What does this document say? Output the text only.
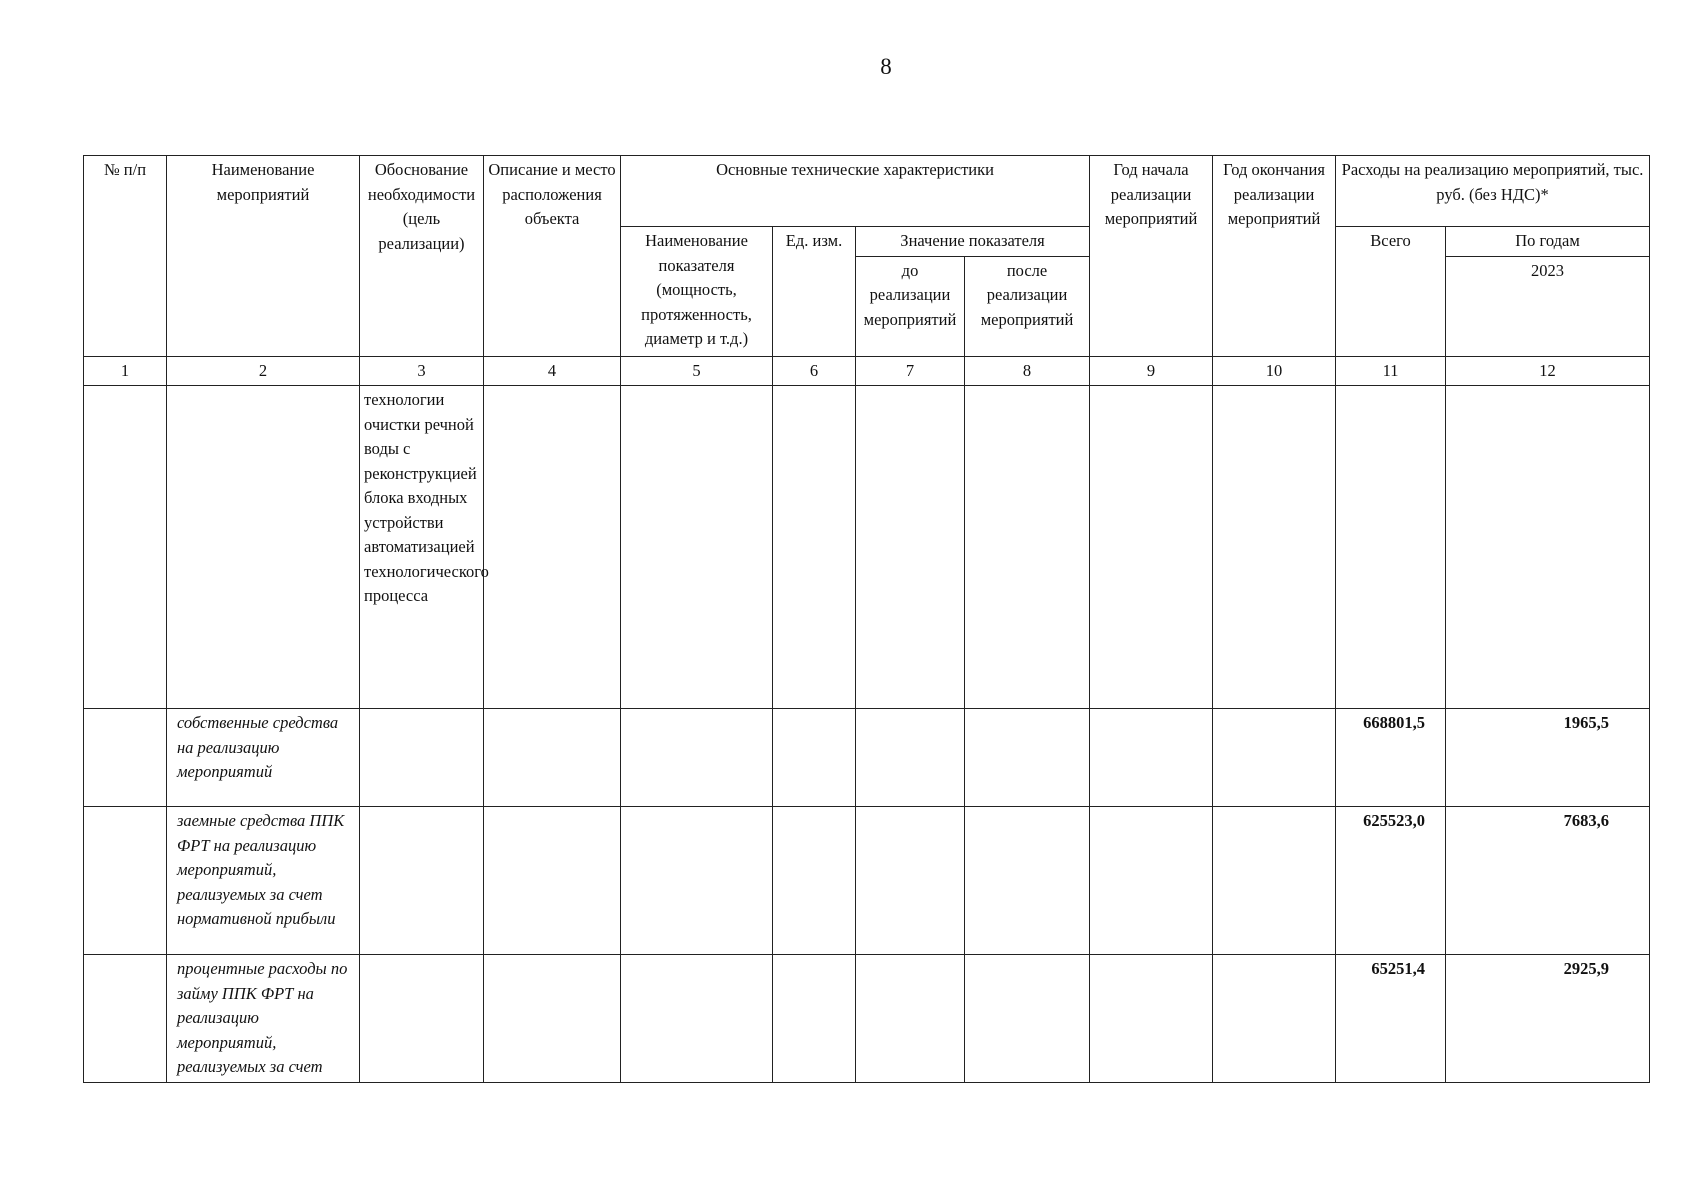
8
№ п/п	Наименование мероприятий	Обоснование необходимости (цель реализации)	Описание и место расположения объекта	Основные технические характеристики				Год начала реализации мероприятий	Год окончания реализации мероприятий	Расходы на реализацию мероприятий, тыс. руб. (без НДС)*	
				Наименование показателя (мощность, протяженность, диаметр и т.д.)	Ед. изм.	Значение показателя				Всего	По годам
						до реализации мероприятий	после реализации мероприятий				2023
1	2	3	4	5	6	7	8	9	10	11	12
		технологии очистки речной воды с реконструкцией блока входных устройстви автоматизацией технологического процесса									
	собственные средства на реализацию мероприятий									668801,5	1965,5
	заемные средства ППК ФРТ на реализацию мероприятий, реализуемых за счет нормативной прибыли									625523,0	7683,6
	процентные расходы по займу ППК ФРТ на реализацию мероприятий, реализуемых за счет									65251,4	2925,9
